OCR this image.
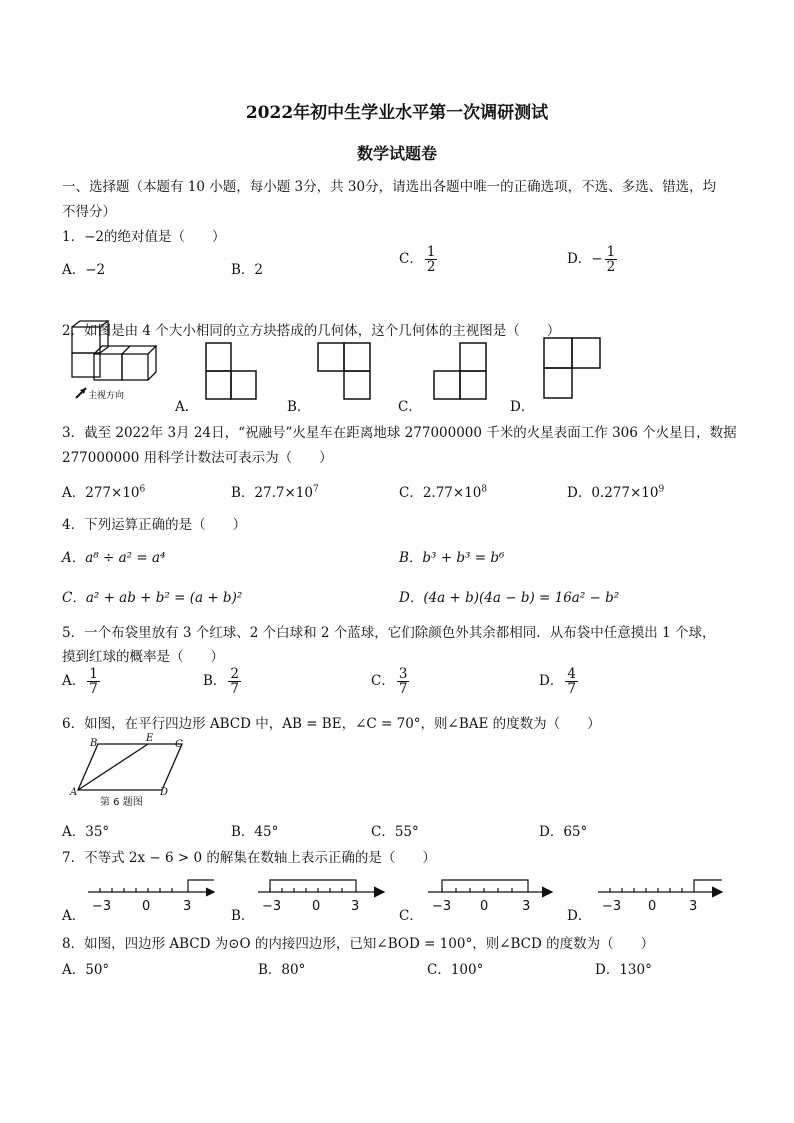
2022年初中生学业水平第一次调研测试
数学试题卷
一、选择题（本题有 10 小题，每小题 3分，共 30分，请选出各题中唯一的正确选项，不选、多选、错选，均
不得分）
1．−2的绝对值是（　　）
A．−2	B．2
C． $\frac{1}{2}$	D．− $\frac{1}{2}$
2．如图是由 4 个大小相同的立方块搭成的几何体，这个几何体的主视图是（　　）
主视方向
A．	B．	C．	D．
3．截至 2022年 3月 24日，“祝融号”火星车在距离地球 277000000 千米的火星表面工作 306 个火星日，数据
277000000 用科学计数法可表示为（　　）
A．$277\times 10^6$	B．$27.7\times 10^7$	C．$2.77\times 10^8$	D．$0.277\times 10^9$
4．下列运算正确的是（　　）
A．a⁸ ÷ a² = a⁴	B．b³ + b³ = b⁶
C．a² + ab + b² = (a + b)²	D．(4a + b)(4a − b) = 16a² − b²
5．一个布袋里放有 3 个红球、2 个白球和 2 个蓝球，它们除颜色外其余都相同．从布袋中任意摸出 1 个球，
摸到红球的概率是（　　）
A． $\frac{1}{7}$	B． $\frac{2}{7}$	C． $\frac{3}{7}$	D． $\frac{4}{7}$
6．如图，在平行四边形 ABCD 中，AB = BE，∠C = 70°，则∠BAE 的度数为（　　）
B	E
C
A	D
第 6 题图
A．35°	B．45°	C．55°	D．65°
7．不等式 2x − 6 > 0 的解集在数轴上表示正确的是（　　）
A．
−3 0	3
B．
−3 0 3
C．
−3 0	3
D．
−3 0	3
8．如图，四边形 ABCD 为⊙O 的内接四边形，已知∠BOD = 100°，则∠BCD 的度数为（　　）
A．50°	B．80°	C．100°	D．130°
